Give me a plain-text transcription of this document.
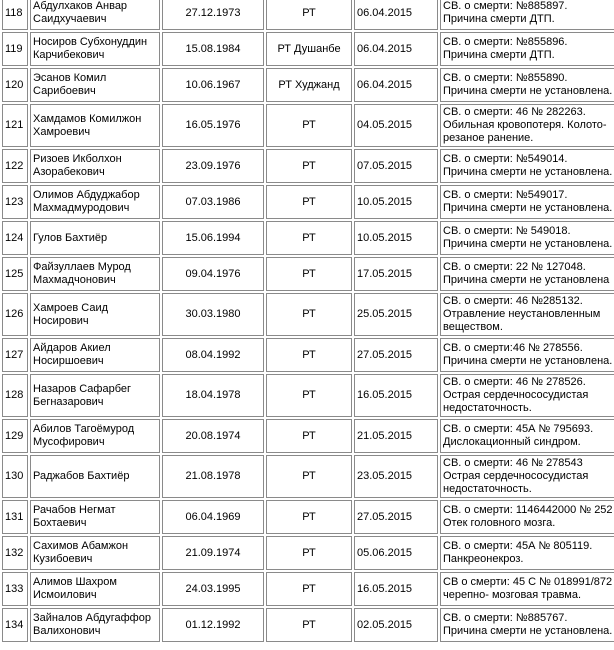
118	Абдулхаков Анвар Саидхучаевич	27.12.1973	РТ	06.04.2015	СВ. о смерти: №885897. Причина смерти ДТП.
119	Носиров Субхонуддин Карчибекович	15.08.1984	РТ Душанбе	06.04.2015	СВ. о смерти: №855896. Причина смерти ДТП.
120	Эсанов Комил Сарибоевич	10.06.1967	РТ Худжанд	06.04.2015	СВ. о смерти: №855890. Причина смерти не установлена.
121	Хамдамов Комилжон Хамроевич	16.05.1976	РТ	04.05.2015	СВ. о смерти: 46 № 282263. Обильная кровопотеря. Колото-резаное ранение.
122	Ризоев Икболхон Азорабекович	23.09.1976	РТ	07.05.2015	СВ. о смерти: №549014. Причина смерти не установлена.
123	Олимов Абдуджабор Махмадмуродович	07.03.1986	РТ	10.05.2015	СВ. о смерти: №549017. Причина смерти не установлена.
124	Гулов Бахтиёр	15.06.1994	РТ	10.05.2015	СВ. о смерти: № 549018. Причина смерти не установлена.
125	Файзуллаев Мурод Махмадчонович	09.04.1976	РТ	17.05.2015	СВ. о смерти: 22 № 127048. Причина смерти не установлена
126	Хамроев Саид Носирович	30.03.1980	РТ	25.05.2015	СВ. о смерти: 46 №285132. Отравление неустановленным веществом.
127	Айдаров Акиел Носиршоевич	08.04.1992	РТ	27.05.2015	СВ. о смерти:46 № 278556. Причина смерти не установлена.
128	Назаров Сафарбег Бегназарович	18.04.1978	РТ	16.05.2015	СВ. о смерти: 46 № 278526. Острая сердечнососудистая недостаточность.
129	Абилов Тагоёмурод Мусофирович	20.08.1974	РТ	21.05.2015	СВ. о смерти: 45А № 795693. Дислокационный синдром.
130	Раджабов Бахтиёр	21.08.1978	РТ	23.05.2015	СВ. о смерти: 46 № 278543 Острая сердечнососудистая недостаточность.
131	Рачабов Негмат Бохтаевич	06.04.1969	РТ	27.05.2015	СВ. о смерти: 1146442000 № 252 Отек головного мозга.
132	Сахимов Абамжон Кузибоевич	21.09.1974	РТ	05.06.2015	СВ. о смерти: 45А № 805119. Панкреонекроз.
133	Алимов Шахром Исмоилович	24.03.1995	РТ	16.05.2015	СВ о смерти: 45 С № 018991/872 черепно- мозговая травма.
134	Зайналов Абдугаффор Валихонович	01.12.1992	РТ	02.05.2015	СВ. о смерти: №885767. Причина смерти не установлена.
